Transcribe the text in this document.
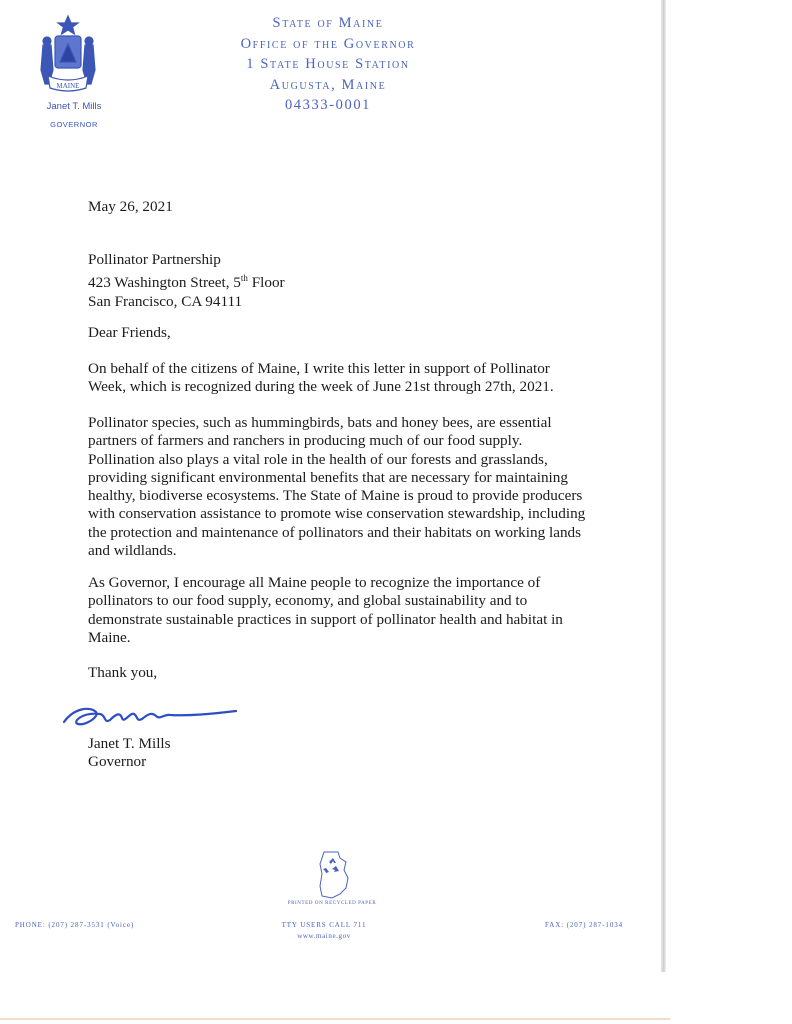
MAINE
Janet T. Mills
GOVERNOR
State of Maine
Office of the Governor
1 State House Station
Augusta, Maine
04333-0001

May 26, 2021

Pollinator Partnership

423 Washington Street, 5th Floor

San Francisco, CA 94111

Dear Friends,

On behalf of the citizens of Maine, I write this letter in support of Pollinator Week, which is recognized during the week of June 21st through 27th, 2021.

Pollinator species, such as hummingbirds, bats and honey bees, are essential partners of farmers and ranchers in producing much of our food supply. Pollination also plays a vital role in the health of our forests and grasslands, providing significant environmental benefits that are necessary for maintaining healthy, biodiverse ecosystems. The State of Maine is proud to provide producers with conservation assistance to promote wise conservation stewardship, including the protection and maintenance of pollinators and their habitats on working lands and wildlands.

As Governor, I encourage all Maine people to recognize the importance of pollinators to our food supply, economy, and global sustainability and to demonstrate sustainable practices in support of pollinator health and habitat in Maine.

Thank you,

Janet T. Mills

Governor

PRINTED ON RECYCLED PAPER
PHONE: (207) 287-3531 (Voice)	TTY USERS CALL 711
www.maine.gov
FAX: (207) 287-1034
